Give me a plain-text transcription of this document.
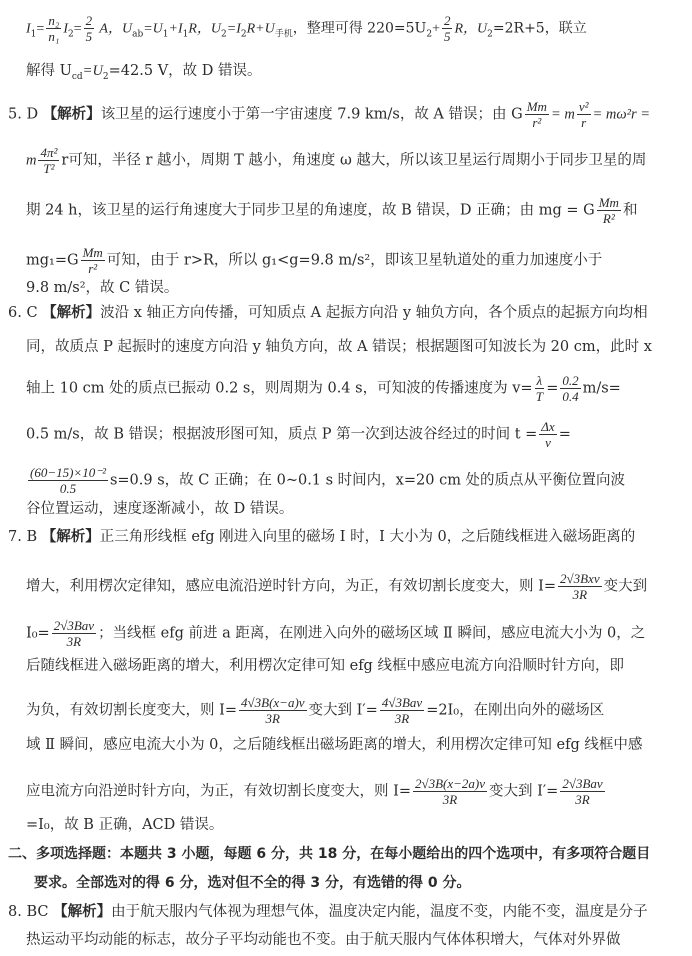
$I_1= \frac{\text{n₂}}{\text{n₁}} I_2= \frac{2}{5}$ A，$U_{ab}=U_1+I_1R$，$U_2=I_2R+U_{手机}$，整理可得 $220=5U_2+ \frac{2}{5}$ R，$U_2=2R+5$，联立
解得 $U_{cd}=U_2=42.5$ V，故 D 错误。
5. D 【解析】该卫星的运行速度小于第一宇宙速度 7.9 km/s，故 A 错误；由 G $\frac{Mm}{\text{r²}} = m \frac{\text{v²}}{r} = m\omega^2r$ =
m $\frac{\text{4π²}}{\text{T²}}$ r可知，半径 r 越小，周期 T 越小，角速度 ω 越大，所以该卫星运行周期小于同步卫星的周
期 24 h，该卫星的运行角速度大于同步卫星的角速度，故 B 错误，D 正确；由 mg = G $\frac{Mm}{\text{R²}}$ 和
$mg_1=G \frac{Mm}{\text{r²}}$ 可知，由于 r>R，所以 g₁<g=9.8 m/s²，即该卫星轨道处的重力加速度小于
9.8 m/s²，故 C 错误。
6. C 【解析】波沿 x 轴正方向传播，可知质点 A 起振方向沿 y 轴负方向，各个质点的起振方向均相
同，故质点 P 起振时的速度方向沿 y 轴负方向，故 A 错误；根据题图可知波长为 20 cm，此时 x
轴上 10 cm 处的质点已振动 0.2 s，则周期为 0.4 s，可知波的传播速度为 $v= \frac{\lambda}{T} = \frac{0.2}{0.4} m/s=$
0.5 m/s，故 B 错误；根据波形图可知，质点 P 第一次到达波谷经过的时间 $t = \frac{\Delta x}{v}$ =
$\frac{\text{(60−15)×10⁻²}}{0.5} s=0.9$ s，故 C 正确；在 0~0.1 s 时间内，x=20 cm 处的质点从平衡位置向波
谷位置运动，速度逐渐减小，故 D 错误。
7. B 【解析】正三角形线框 efg 刚进入向里的磁场 Ⅰ 时，I 大小为 0，之后随线框进入磁场距离的
增大，利用楞次定律知，感应电流沿逆时针方向，为正，有效切割长度变大，则 $I= \frac{\text{2√3Bxv}}{3R}$ 变大到
$I_0= \frac{\text{2√3Bav}}{3R}$ ；当线框 efg 前进 a 距离，在刚进入向外的磁场区域 Ⅱ 瞬间，感应电流大小为 0，之
后随线框进入磁场距离的增大，利用楞次定律可知 efg 线框中感应电流方向沿顺时针方向，即
为负，有效切割长度变大，则 $I= \frac{4√3B(x-a)v}{3R}$ 变大到 $I'= \frac{\text{4√3Bav}}{3R} =2I_0$，在刚出向外的磁场区
域 Ⅱ 瞬间，感应电流大小为 0，之后随线框出磁场距离的增大，利用楞次定律可知 efg 线框中感
应电流方向沿逆时针方向，为正，有效切割长度变大，则 $I= \frac{2√3B(x-2a)v}{3R}$ 变大到 $I'= \frac{\text{2√3Bav}}{3R}$
=I₀，故 B 正确，ACD 错误。
二、多项选择题：本题共 3 小题，每题 6 分，共 18 分，在每小题给出的四个选项中，有多项符合题目
要求。全部选对的得 6 分，选对但不全的得 3 分，有选错的得 0 分。
8. BC 【解析】由于航天服内气体视为理想气体，温度决定内能，温度不变，内能不变，温度是分子
热运动平均动能的标志，故分子平均动能也不变。由于航天服内气体体积增大，气体对外界做
